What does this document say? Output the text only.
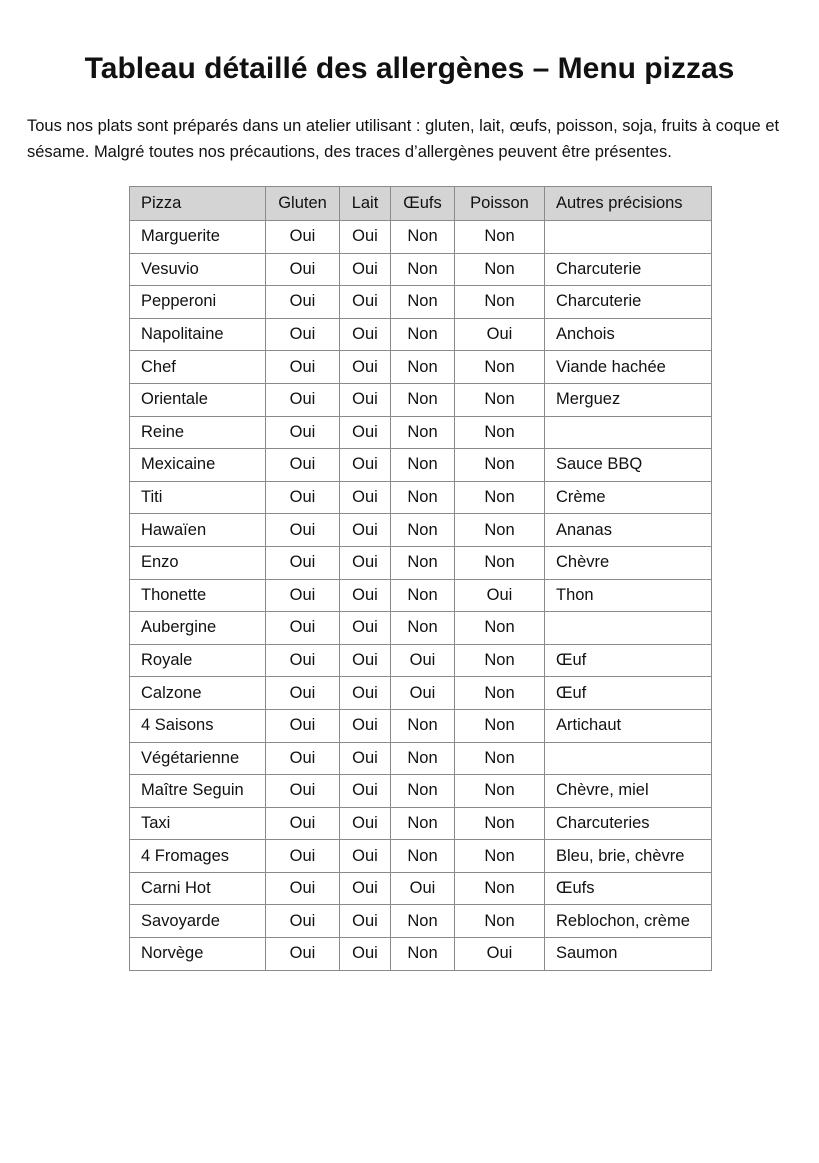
Tableau détaillé des allergènes – Menu pizzas

Tous nos plats sont préparés dans un atelier utilisant : gluten, lait, œufs, poisson, soja, fruits à coque et sésame. Malgré toutes nos précautions, des traces d’allergènes peuvent être présentes.

Pizza	Gluten	Lait	Œufs	Poisson	Autres précisions
Marguerite	Oui	Oui	Non	Non	
Vesuvio	Oui	Oui	Non	Non	Charcuterie
Pepperoni	Oui	Oui	Non	Non	Charcuterie
Napolitaine	Oui	Oui	Non	Oui	Anchois
Chef	Oui	Oui	Non	Non	Viande hachée
Orientale	Oui	Oui	Non	Non	Merguez
Reine	Oui	Oui	Non	Non	
Mexicaine	Oui	Oui	Non	Non	Sauce BBQ
Titi	Oui	Oui	Non	Non	Crème
Hawaïen	Oui	Oui	Non	Non	Ananas
Enzo	Oui	Oui	Non	Non	Chèvre
Thonette	Oui	Oui	Non	Oui	Thon
Aubergine	Oui	Oui	Non	Non	
Royale	Oui	Oui	Oui	Non	Œuf
Calzone	Oui	Oui	Oui	Non	Œuf
4 Saisons	Oui	Oui	Non	Non	Artichaut
Végétarienne	Oui	Oui	Non	Non	
Maître Seguin	Oui	Oui	Non	Non	Chèvre, miel
Taxi	Oui	Oui	Non	Non	Charcuteries
4 Fromages	Oui	Oui	Non	Non	Bleu, brie, chèvre
Carni Hot	Oui	Oui	Oui	Non	Œufs
Savoyarde	Oui	Oui	Non	Non	Reblochon, crème
Norvège	Oui	Oui	Non	Oui	Saumon
